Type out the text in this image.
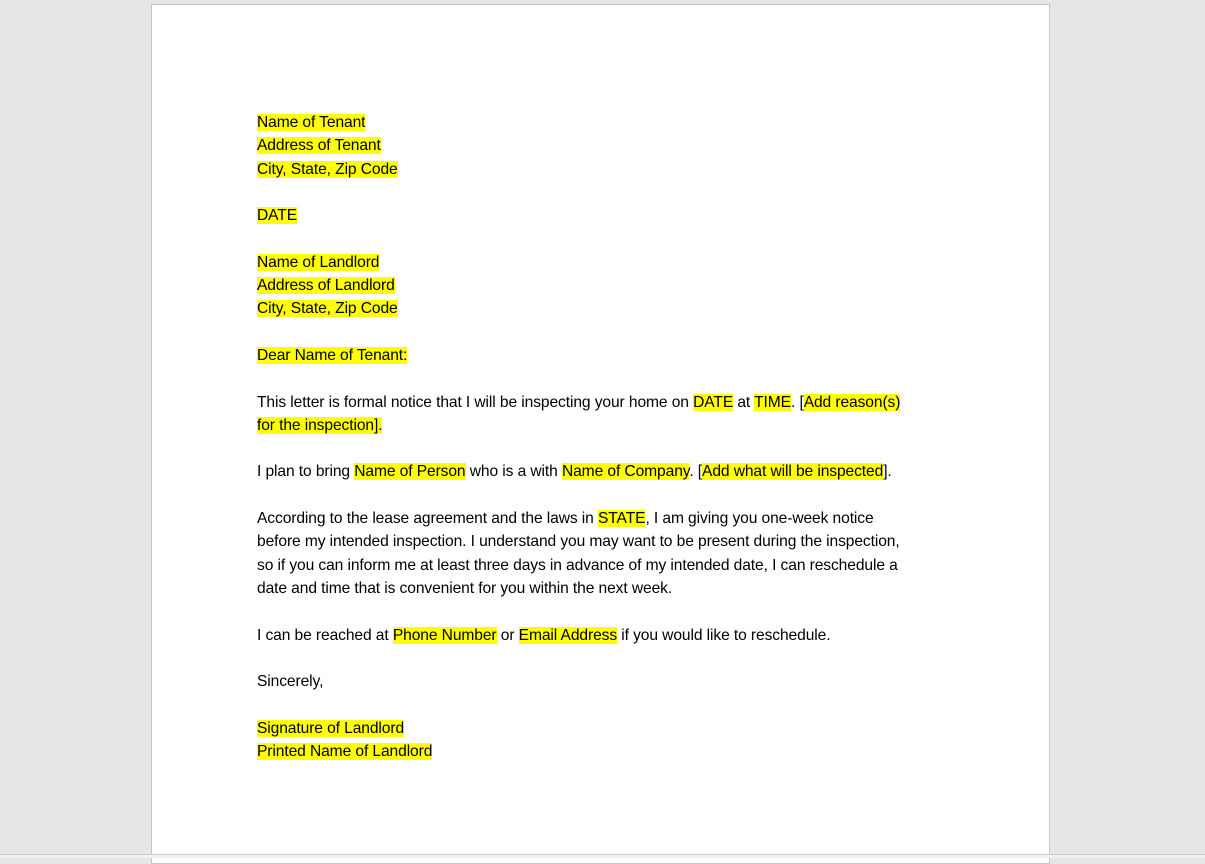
Name of Tenant
Address of Tenant
City, State, Zip Code
DATE
Name of Landlord
Address of Landlord
City, State, Zip Code
Dear Name of Tenant:
This letter is formal notice that I will be inspecting your home on DATE at TIME. [Add reason(s)
for the inspection].
I plan to bring Name of Person who is a with Name of Company. [Add what will be inspected].
According to the lease agreement and the laws in STATE, I am giving you one-week notice
before my intended inspection. I understand you may want to be present during the inspection,
so if you can inform me at least three days in advance of my intended date, I can reschedule a
date and time that is convenient for you within the next week.
I can be reached at Phone Number or Email Address if you would like to reschedule.
Sincerely,
Signature of Landlord
Printed Name of Landlord
